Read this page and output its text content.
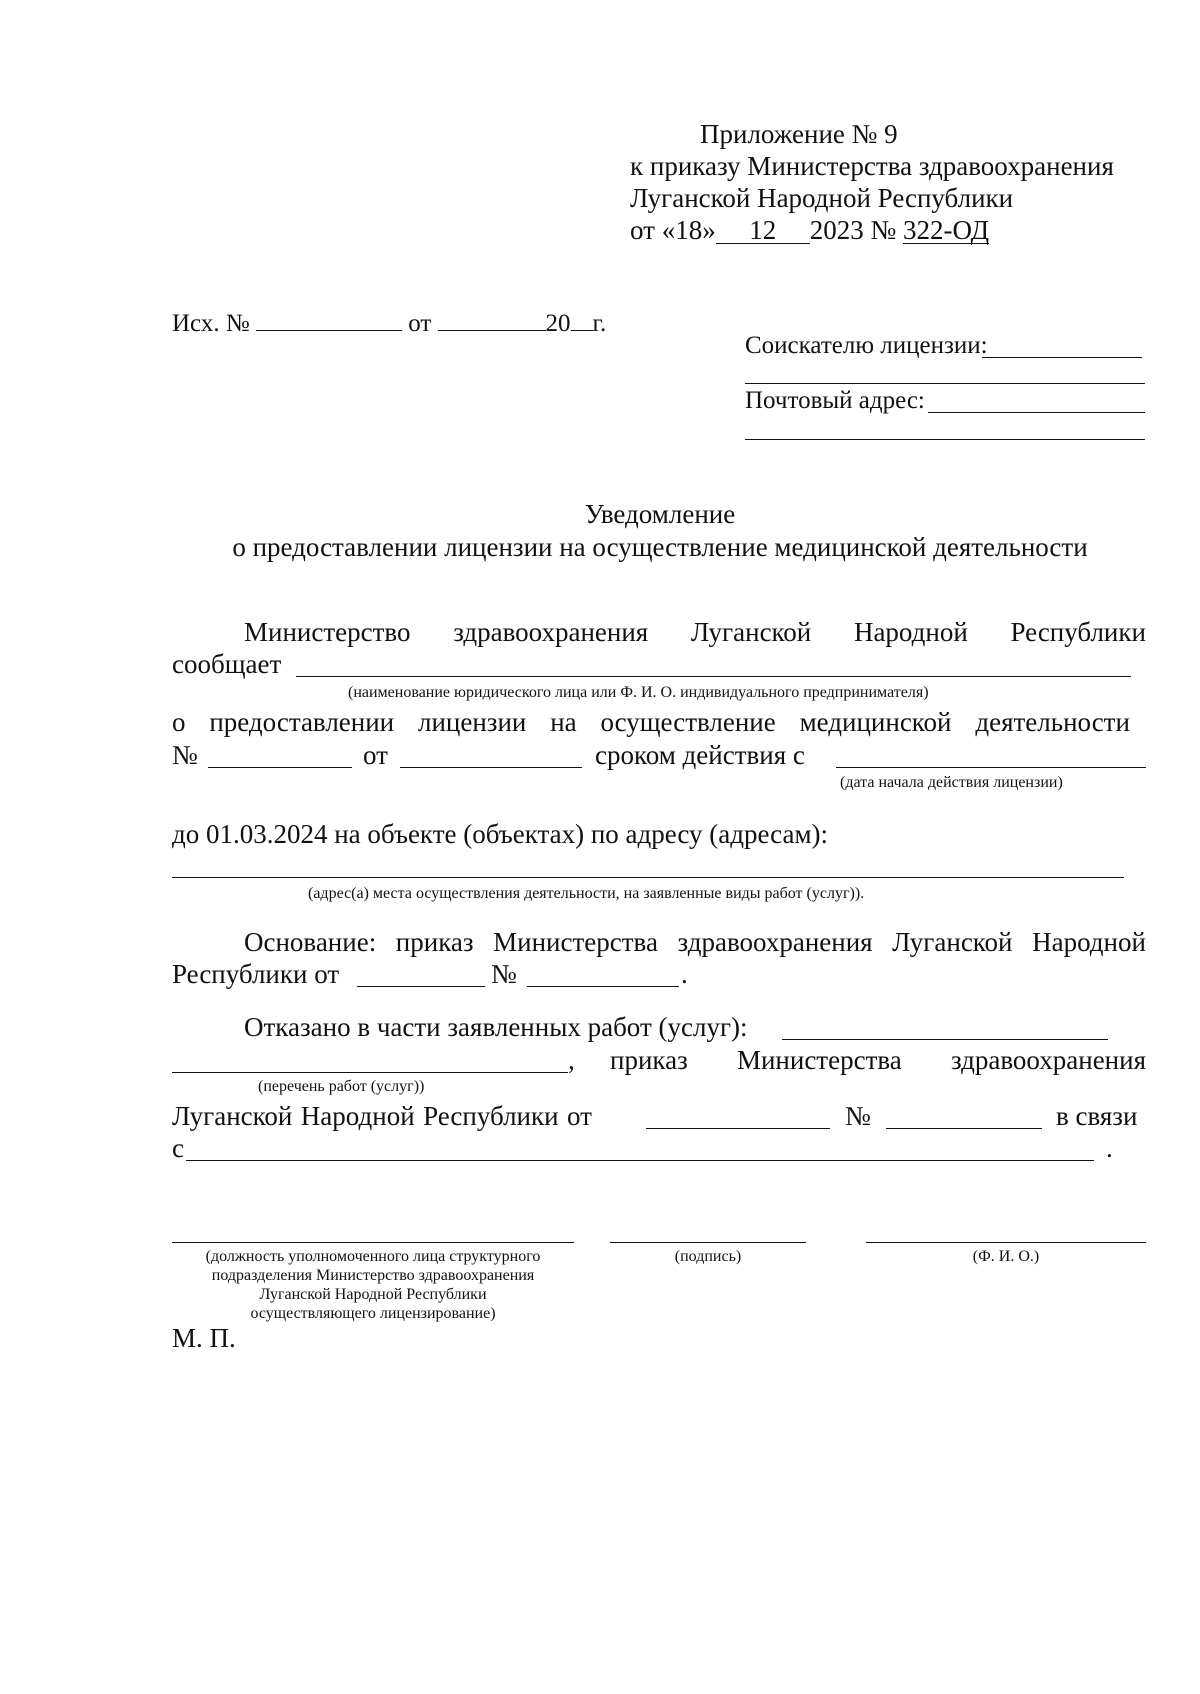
Приложение № 9
к приказу Министерства здравоохранения
Луганской Народной Республики
от «18» 12 2023 № 322-ОД
Исх. №	от	20 г.
Соискателю лицензии:
Почтовый адрес:
Уведомление
о предоставлении лицензии на осуществление медицинской деятельности
Министерство здравоохранения Луганской Народной Республики
сообщает
(наименование юридического лица или Ф. И. О. индивидуального предпринимателя)
о предоставлении лицензии на осуществление медицинской деятельности
№	от	сроком действия с
(дата начала действия лицензии)
до 01.03.2024 на объекте (объектах) по адресу (адресам):
(адрес(а) места осуществления деятельности, на заявленные виды работ (услуг)).
Основание: приказ Министерства здравоохранения Луганской Народной
Республики от	№	.
Отказано в части заявленных работ (услуг):
, приказ Министерства здравоохранения
(перечень работ (услуг))
Луганской Народной Республики от	№	в связи
с	.
(должность уполномоченного лица структурного
подразделения Министерство здравоохранения
Луганской Народной Республики
осуществляющего лицензирование)
(подпись)	(Ф. И. О.)
М. П.
